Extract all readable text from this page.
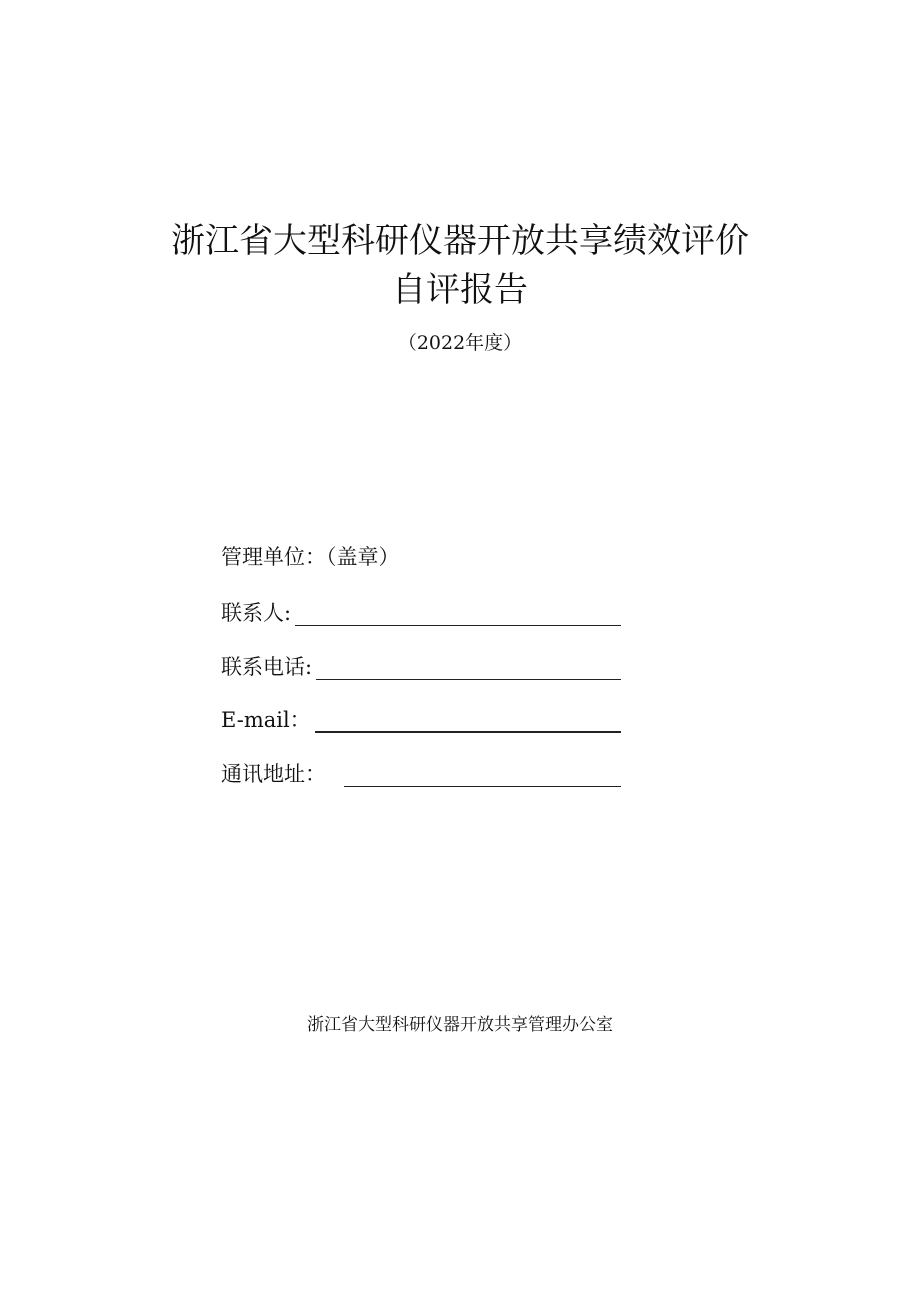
浙江省大型科研仪器开放共享绩效评价
自评报告
（2022年度）
管理单位：（盖章）
联系人:
联系电话:
E-mail：
通讯地址：
浙江省大型科研仪器开放共享管理办公室
